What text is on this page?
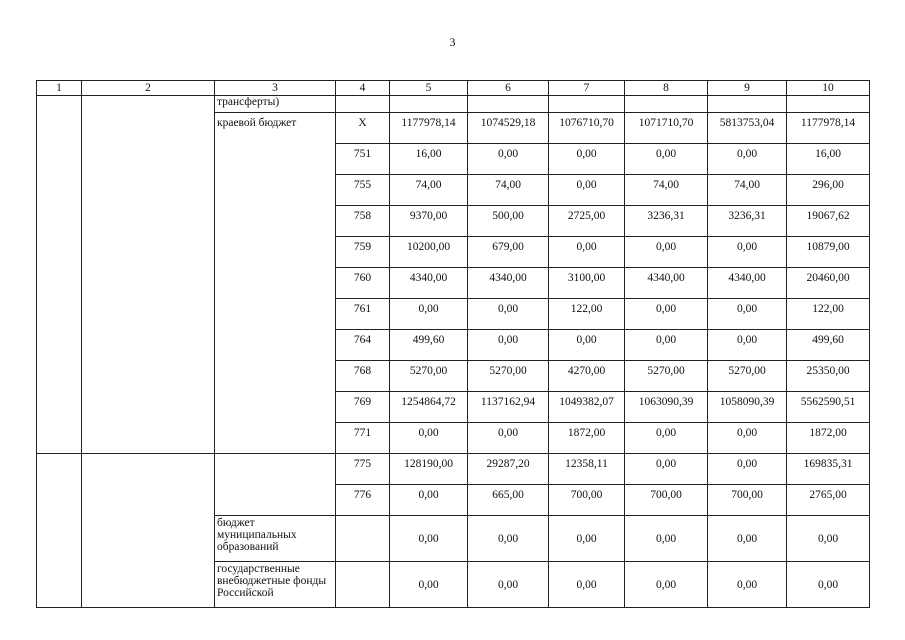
3
1	2	3	4	5	6	7	8	9	10
		трансферты)							
		краевой бюджет	Х	1177978,14	1074529,18	1076710,70	1071710,70	5813753,04	1177978,14
			751	16,00	0,00	0,00	0,00	0,00	16,00
			755	74,00	74,00	0,00	74,00	74,00	296,00
			758	9370,00	500,00	2725,00	3236,31	3236,31	19067,62
			759	10200,00	679,00	0,00	0,00	0,00	10879,00
			760	4340,00	4340,00	3100,00	4340,00	4340,00	20460,00
			761	0,00	0,00	122,00	0,00	0,00	122,00
			764	499,60	0,00	0,00	0,00	0,00	499,60
			768	5270,00	5270,00	4270,00	5270,00	5270,00	25350,00
			769	1254864,72	1137162,94	1049382,07	1063090,39	1058090,39	5562590,51
			771	0,00	0,00	1872,00	0,00	0,00	1872,00
			775	128190,00	29287,20	12358,11	0,00	0,00	169835,31
			776	0,00	665,00	700,00	700,00	700,00	2765,00
		бюджет муниципальных образований		0,00	0,00	0,00	0,00	0,00	0,00
		государственные внебюджетные фонды Российской		0,00	0,00	0,00	0,00	0,00	0,00
